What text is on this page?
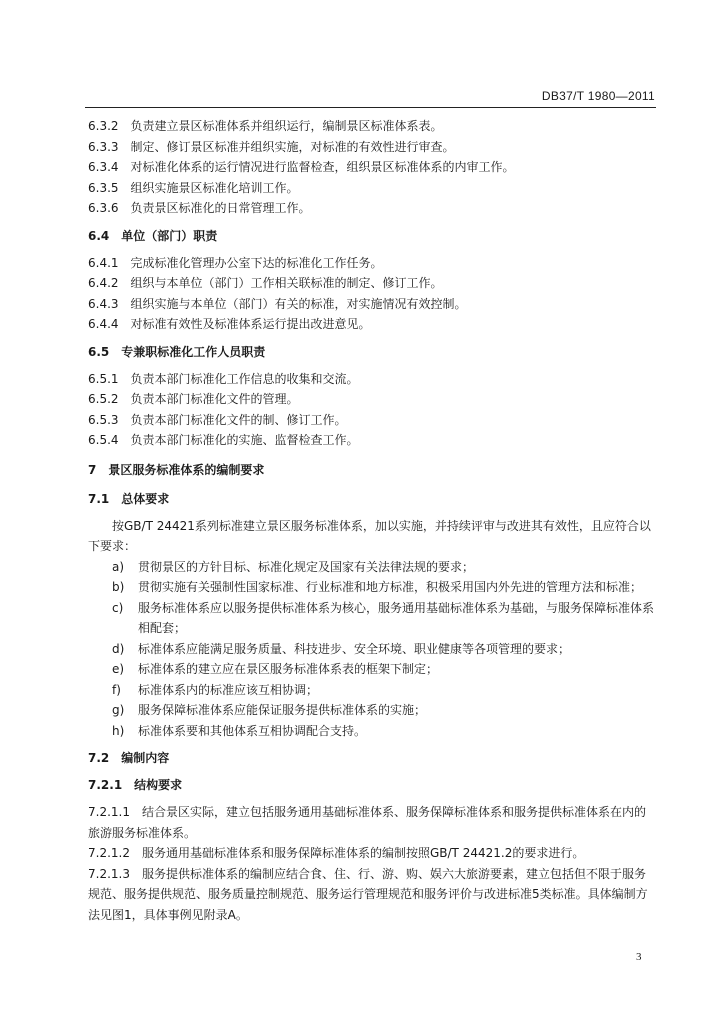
DB37/T 1980—2011
6.3.2　负责建立景区标准体系并组织运行，编制景区标准体系表。
6.3.3　制定、修订景区标准并组织实施，对标准的有效性进行审查。
6.3.4　对标准化体系的运行情况进行监督检查，组织景区标准体系的内审工作。
6.3.5　组织实施景区标准化培训工作。
6.3.6　负责景区标准化的日常管理工作。
6.4　单位（部门）职责
6.4.1　完成标准化管理办公室下达的标准化工作任务。
6.4.2　组织与本单位（部门）工作相关联标准的制定、修订工作。
6.4.3　组织实施与本单位（部门）有关的标准，对实施情况有效控制。
6.4.4　对标准有效性及标准体系运行提出改进意见。
6.5　专兼职标准化工作人员职责
6.5.1　负责本部门标准化工作信息的收集和交流。
6.5.2　负责本部门标准化文件的管理。
6.5.3　负责本部门标准化文件的制、修订工作。
6.5.4　负责本部门标准化的实施、监督检查工作。
7　景区服务标准体系的编制要求
7.1　总体要求
按GB/T 24421系列标准建立景区服务标准体系，加以实施，并持续评审与改进其有效性，且应符合以下要求：
a) 贯彻景区的方针目标、标准化规定及国家有关法律法规的要求；
b) 贯彻实施有关强制性国家标准、行业标准和地方标准，积极采用国内外先进的管理方法和标准；
c) 服务标准体系应以服务提供标准体系为核心，服务通用基础标准体系为基础，与服务保障标准体系相配套；
d) 标准体系应能满足服务质量、科技进步、安全环境、职业健康等各项管理的要求；
e) 标准体系的建立应在景区服务标准体系表的框架下制定；
f) 标准体系内的标准应该互相协调；
g) 服务保障标准体系应能保证服务提供标准体系的实施；
h) 标准体系要和其他体系互相协调配合支持。
7.2　编制内容
7.2.1　结构要求
7.2.1.1　结合景区实际，建立包括服务通用基础标准体系、服务保障标准体系和服务提供标准体系在内的旅游服务标准体系。
7.2.1.2　服务通用基础标准体系和服务保障标准体系的编制按照GB/T 24421.2的要求进行。
7.2.1.3　服务提供标准体系的编制应结合食、住、行、游、购、娱六大旅游要素，建立包括但不限于服务规范、服务提供规范、服务质量控制规范、服务运行管理规范和服务评价与改进标准5类标准。具体编制方法见图1，具体事例见附录A。
3
